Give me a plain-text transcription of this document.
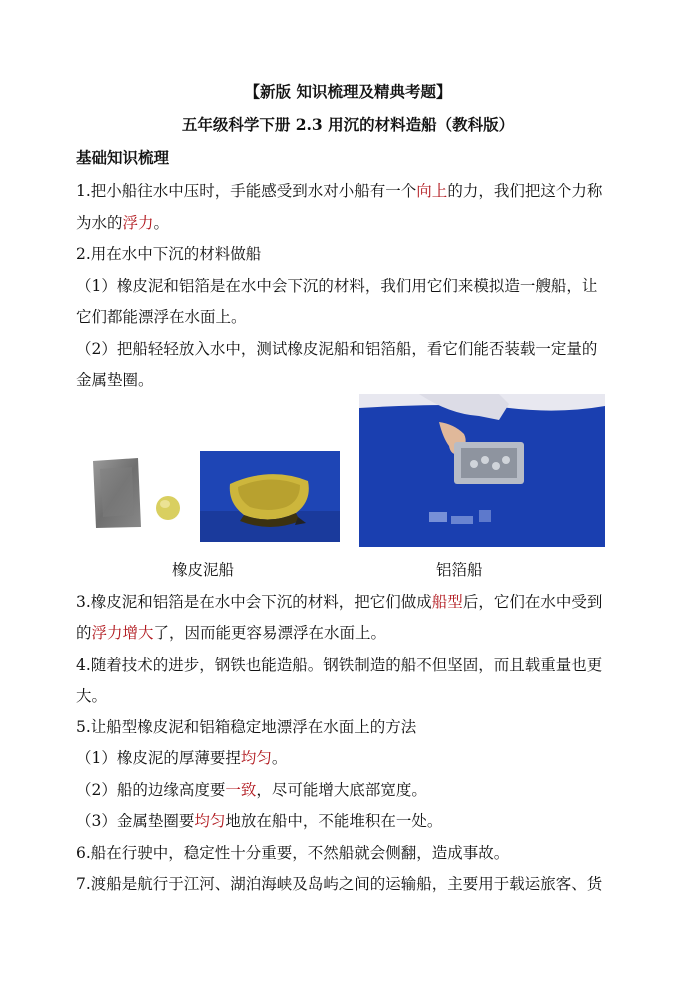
【新版 知识梳理及精典考题】
五年级科学下册 2.3 用沉的材料造船（教科版）
基础知识梳理
1.把小船往水中压时，手能感受到水对小船有一个向上的力，我们把这个力称
为水的浮力。
2.用在水中下沉的材料做船
（1）橡皮泥和铝箔是在水中会下沉的材料，我们用它们来模拟造一艘船，让
它们都能漂浮在水面上。
（2）把船轻轻放入水中，测试橡皮泥船和铝箔船，看它们能否装载一定量的
金属垫圈。
橡皮泥船	铝箔船
3.橡皮泥和铝箔是在水中会下沉的材料，把它们做成船型后，它们在水中受到
的浮力增大了，因而能更容易漂浮在水面上。
4.随着技术的进步，钢铁也能造船。钢铁制造的船不但坚固，而且载重量也更
大。
5.让船型橡皮泥和铝箱稳定地漂浮在水面上的方法
（1）橡皮泥的厚薄要捏均匀。
（2）船的边缘高度要一致，尽可能增大底部宽度。
（3）金属垫圈要均匀地放在船中，不能堆积在一处。
6.船在行驶中，稳定性十分重要，不然船就会侧翻，造成事故。
7.渡船是航行于江河、湖泊海峡及岛屿之间的运输船，主要用于载运旅客、货
